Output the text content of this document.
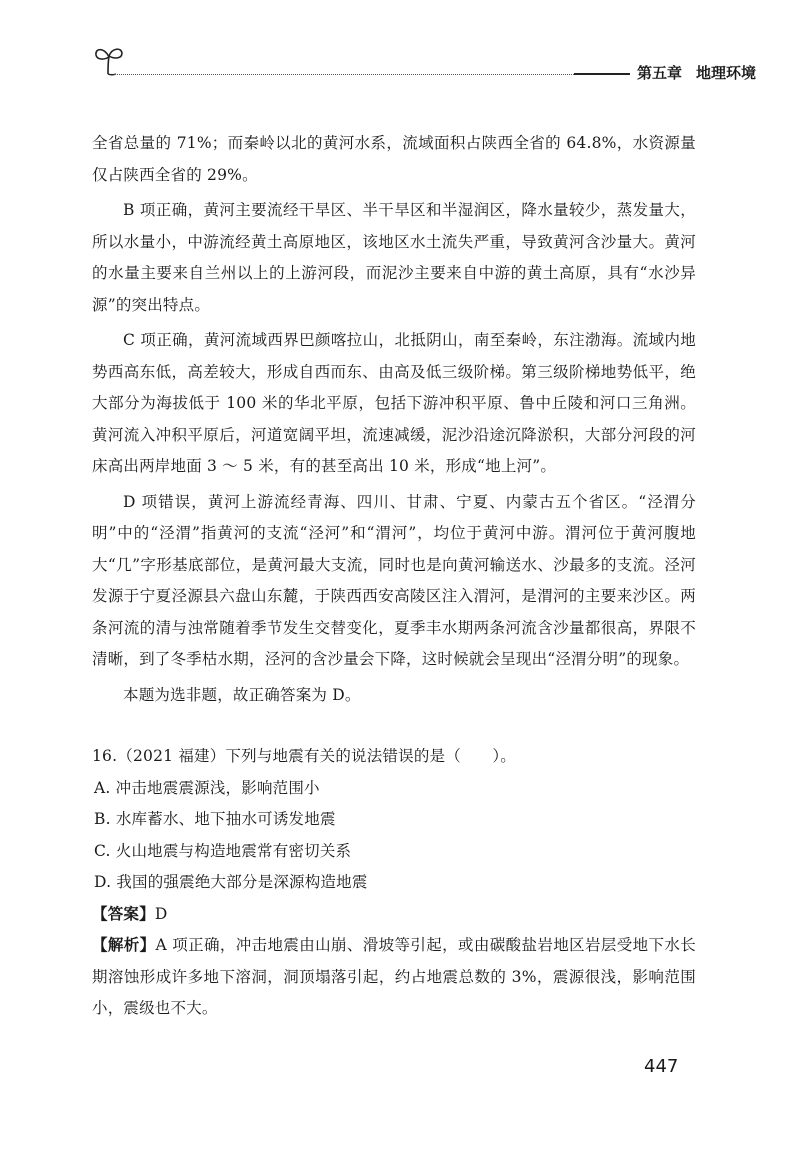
第五章 地理环境

全省总量的 71%；而秦岭以北的黄河水系，流域面积占陕西全省的 64.8%，水资源量仅占陕西全省的 29%。

B 项正确，黄河主要流经干旱区、半干旱区和半湿润区，降水量较少，蒸发量大，所以水量小，中游流经黄土高原地区，该地区水土流失严重，导致黄河含沙量大。黄河的水量主要来自兰州以上的上游河段，而泥沙主要来自中游的黄土高原，具有“水沙异源”的突出特点。

C 项正确，黄河流域西界巴颜喀拉山，北抵阴山，南至秦岭，东注渤海。流域内地势西高东低，高差较大，形成自西而东、由高及低三级阶梯。第三级阶梯地势低平，绝大部分为海拔低于 100 米的华北平原，包括下游冲积平原、鲁中丘陵和河口三角洲。黄河流入冲积平原后，河道宽阔平坦，流速减缓，泥沙沿途沉降淤积，大部分河段的河床高出两岸地面 3 ～ 5 米，有的甚至高出 10 米，形成“地上河”。

D 项错误，黄河上游流经青海、四川、甘肃、宁夏、内蒙古五个省区。“泾渭分明”中的“泾渭”指黄河的支流“泾河”和“渭河”，均位于黄河中游。渭河位于黄河腹地大“几”字形基底部位，是黄河最大支流，同时也是向黄河输送水、沙最多的支流。泾河发源于宁夏泾源县六盘山东麓，于陕西西安高陵区注入渭河，是渭河的主要来沙区。两条河流的清与浊常随着季节发生交替变化，夏季丰水期两条河流含沙量都很高，界限不清晰，到了冬季枯水期，泾河的含沙量会下降，这时候就会呈现出“泾渭分明”的现象。

本题为选非题，故正确答案为 D。

16.（2021 福建）下列与地震有关的说法错误的是（　　）。

A. 冲击地震震源浅，影响范围小

B. 水库蓄水、地下抽水可诱发地震

C. 火山地震与构造地震常有密切关系

D. 我国的强震绝大部分是深源构造地震

【答案】D

【解析】A 项正确，冲击地震由山崩、滑坡等引起，或由碳酸盐岩地区岩层受地下水长期溶蚀形成许多地下溶洞，洞顶塌落引起，约占地震总数的 3%，震源很浅，影响范围小，震级也不大。

447
